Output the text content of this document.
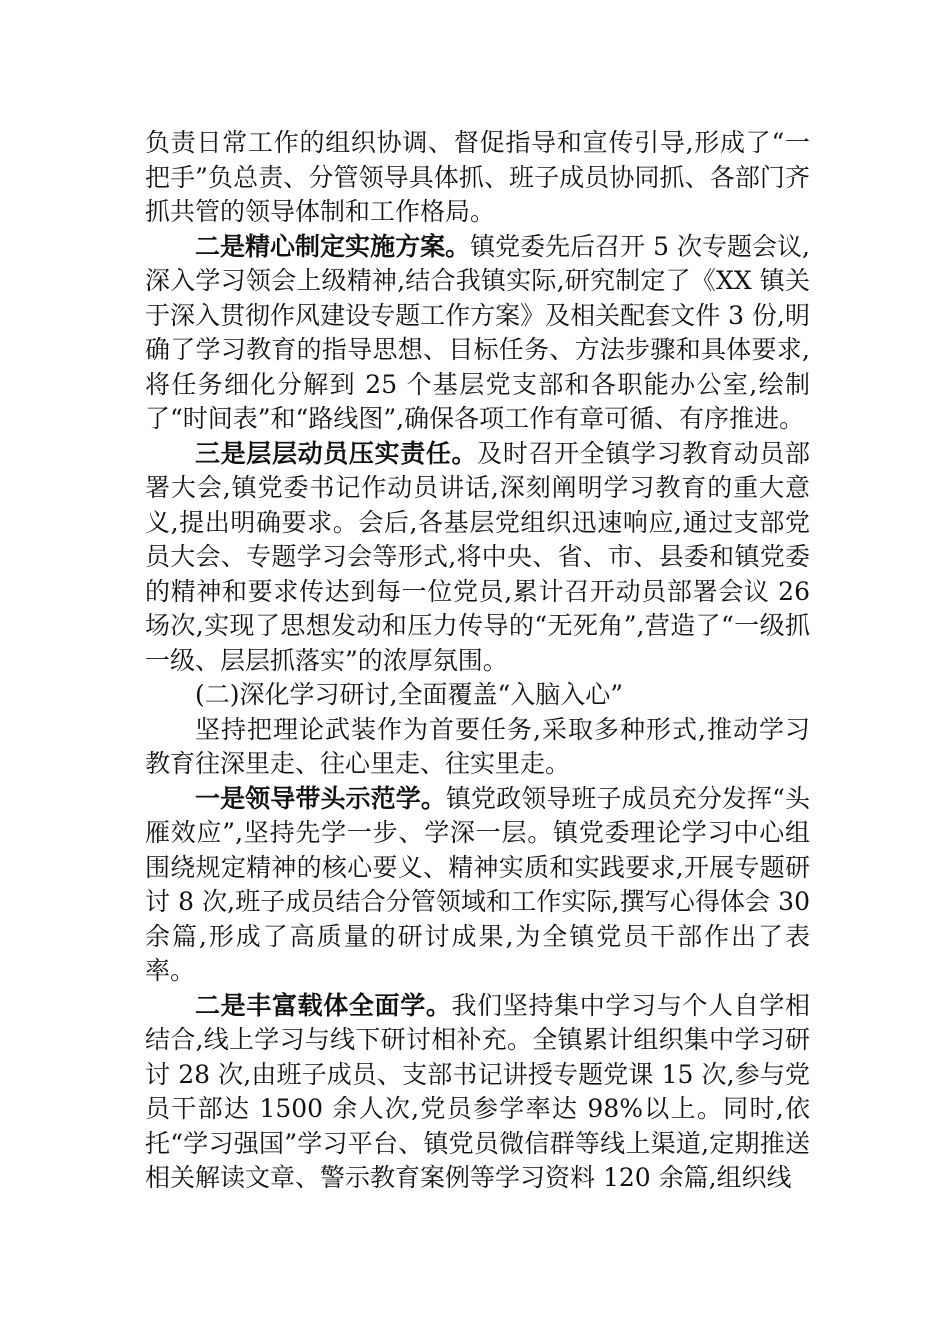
负责日常工作的组织协调、督促指导和宣传引导,形成了“一把手”负总责、分管领导具体抓、班子成员协同抓、各部门齐抓共管的领导体制和工作格局。

二是精心制定实施方案。镇党委先后召开 5 次专题会议,深入学习领会上级精神,结合我镇实际,研究制定了《XX 镇关于深入贯彻作风建设专题工作方案》及相关配套文件 3 份,明确了学习教育的指导思想、目标任务、方法步骤和具体要求,将任务细化分解到 25 个基层党支部和各职能办公室,绘制了“时间表”和“路线图”,确保各项工作有章可循、有序推进。

三是层层动员压实责任。及时召开全镇学习教育动员部署大会,镇党委书记作动员讲话,深刻阐明学习教育的重大意义,提出明确要求。会后,各基层党组织迅速响应,通过支部党员大会、专题学习会等形式,将中央、省、市、县委和镇党委的精神和要求传达到每一位党员,累计召开动员部署会议 26 场次,实现了思想发动和压力传导的“无死角”,营造了“一级抓一级、层层抓落实”的浓厚氛围。

(二)深化学习研讨,全面覆盖“入脑入心”

坚持把理论武装作为首要任务,采取多种形式,推动学习教育往深里走、往心里走、往实里走。

一是领导带头示范学。镇党政领导班子成员充分发挥“头雁效应”,坚持先学一步、学深一层。镇党委理论学习中心组围绕规定精神的核心要义、精神实质和实践要求,开展专题研讨 8 次,班子成员结合分管领域和工作实际,撰写心得体会 30 余篇,形成了高质量的研讨成果,为全镇党员干部作出了表率。

二是丰富载体全面学。我们坚持集中学习与个人自学相结合,线上学习与线下研讨相补充。全镇累计组织集中学习研讨 28 次,由班子成员、支部书记讲授专题党课 15 次,参与党员干部达 1500 余人次,党员参学率达 98%以上。同时,依托“学习强国”学习平台、镇党员微信群等线上渠道,定期推送相关解读文章、警示教育案例等学习资料 120 余篇,组织线
